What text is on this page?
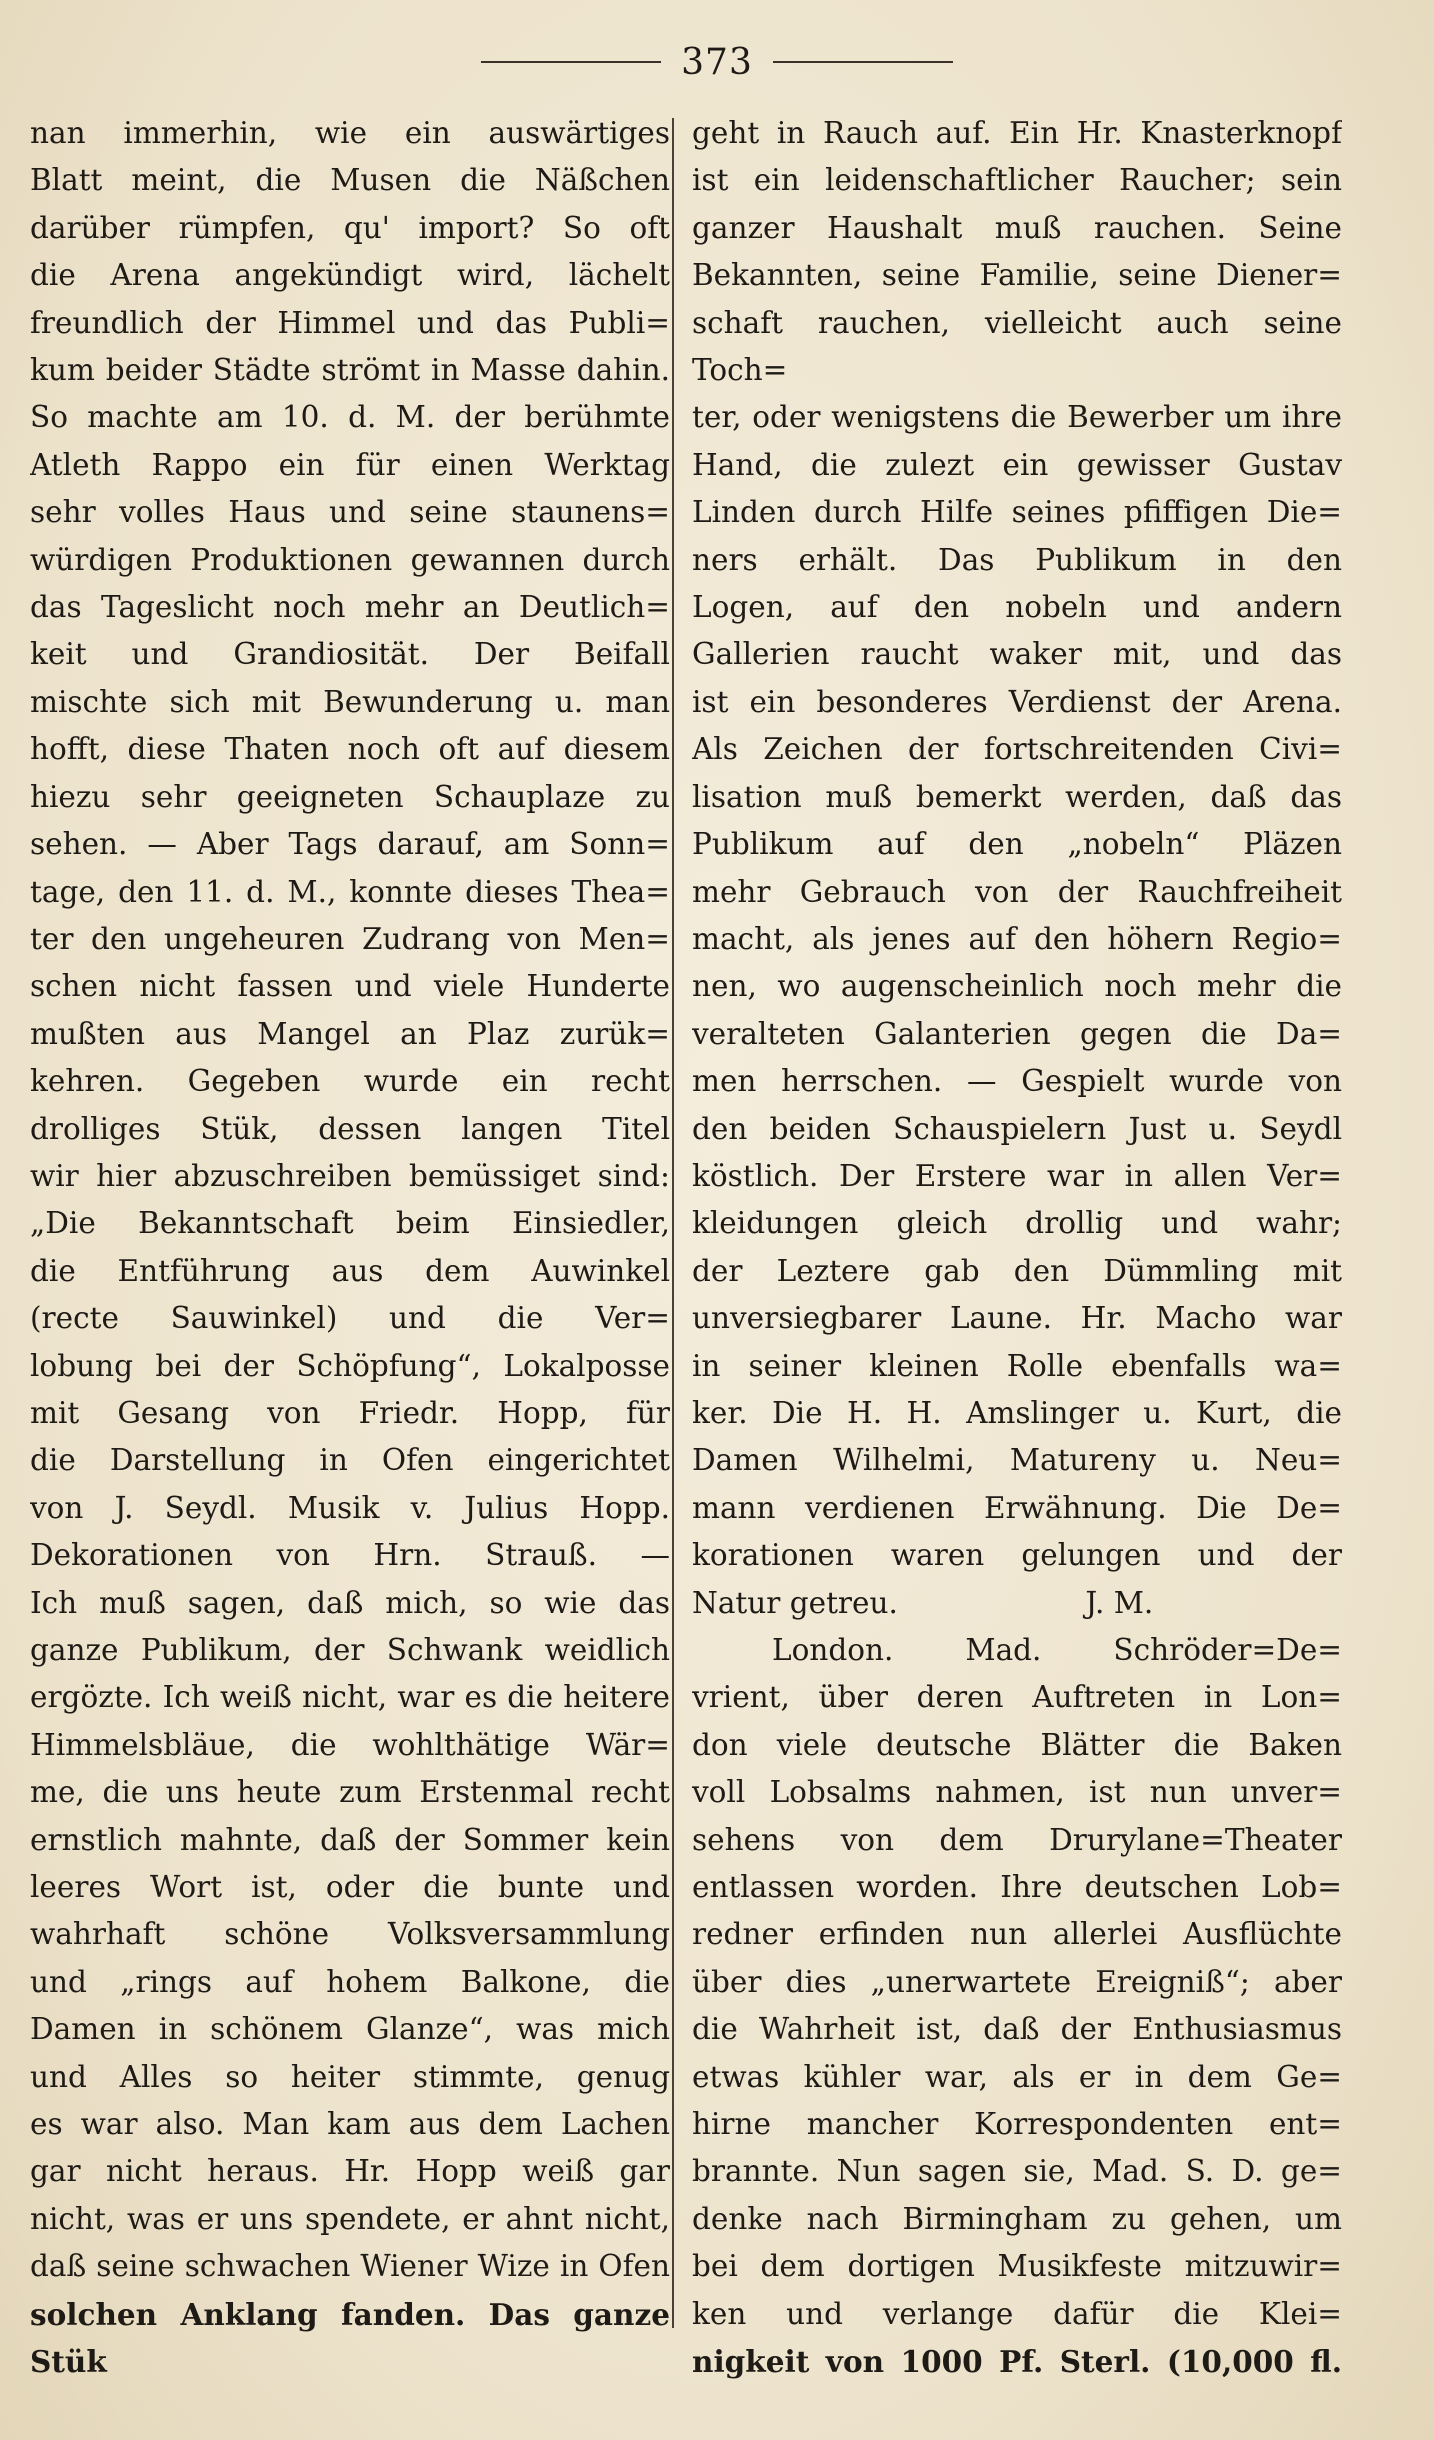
373
nan immerhin, wie ein auswärtiges
Blatt meint, die Musen die Näßchen
darüber rümpfen, qu' import? So oft
die Arena angekündigt wird, lächelt
freundlich der Himmel und das Publi=
kum beider Städte strömt in Masse dahin.
So machte am 10. d. M. der berühmte
Atleth Rappo ein für einen Werktag
sehr volles Haus und seine staunens=
würdigen Produktionen gewannen durch
das Tageslicht noch mehr an Deutlich=
keit und Grandiosität. Der Beifall
mischte sich mit Bewunderung u. man
hofft, diese Thaten noch oft auf diesem
hiezu sehr geeigneten Schauplaze zu
sehen. — Aber Tags darauf, am Sonn=
tage, den 11. d. M., konnte dieses Thea=
ter den ungeheuren Zudrang von Men=
schen nicht fassen und viele Hunderte
mußten aus Mangel an Plaz zurük=
kehren. Gegeben wurde ein recht
drolliges Stük, dessen langen Titel
wir hier abzuschreiben bemüssiget sind:
„Die Bekanntschaft beim Einsiedler,
die Entführung aus dem Auwinkel
(recte Sauwinkel) und die Ver=
lobung bei der Schöpfung“, Lokalposse
mit Gesang von Friedr. Hopp, für
die Darstellung in Ofen eingerichtet
von J. Seydl. Musik v. Julius Hopp.
Dekorationen von Hrn. Strauß. —
Ich muß sagen, daß mich, so wie das
ganze Publikum, der Schwank weidlich
ergözte. Ich weiß nicht, war es die heitere
Himmelsbläue, die wohlthätige Wär=
me, die uns heute zum Erstenmal recht
ernstlich mahnte, daß der Sommer kein
leeres Wort ist, oder die bunte und
wahrhaft schöne Volksversammlung
und „rings auf hohem Balkone, die
Damen in schönem Glanze“, was mich
und Alles so heiter stimmte, genug
es war also. Man kam aus dem Lachen
gar nicht heraus. Hr. Hopp weiß gar
nicht, was er uns spendete, er ahnt nicht,
daß seine schwachen Wiener Wize in Ofen
solchen Anklang fanden. Das ganze Stük
geht in Rauch auf. Ein Hr. Knasterknopf
ist ein leidenschaftlicher Raucher; sein
ganzer Haushalt muß rauchen. Seine
Bekannten, seine Familie, seine Diener=
schaft rauchen, vielleicht auch seine Toch=
ter, oder wenigstens die Bewerber um ihre
Hand, die zulezt ein gewisser Gustav
Linden durch Hilfe seines pfiffigen Die=
ners erhält. Das Publikum in den
Logen, auf den nobeln und andern
Gallerien raucht waker mit, und das
ist ein besonderes Verdienst der Arena.
Als Zeichen der fortschreitenden Civi=
lisation muß bemerkt werden, daß das
Publikum auf den „nobeln“ Pläzen
mehr Gebrauch von der Rauchfreiheit
macht, als jenes auf den höhern Regio=
nen, wo augenscheinlich noch mehr die
veralteten Galanterien gegen die Da=
men herrschen. — Gespielt wurde von
den beiden Schauspielern Just u. Seydl
köstlich. Der Erstere war in allen Ver=
kleidungen gleich drollig und wahr;
der Leztere gab den Dümmling mit
unversiegbarer Laune. Hr. Macho war
in seiner kleinen Rolle ebenfalls wa=
ker. Die H. H. Amslinger u. Kurt, die
Damen Wilhelmi, Matureny u. Neu=
mann verdienen Erwähnung. Die De=
korationen waren gelungen und der
Natur getreu.                    J. M.
London. Mad. Schröder=De=
vrient, über deren Auftreten in Lon=
don viele deutsche Blätter die Baken
voll Lobsalms nahmen, ist nun unver=
sehens von dem Drurylane=Theater
entlassen worden. Ihre deutschen Lob=
redner erfinden nun allerlei Ausflüchte
über dies „unerwartete Ereigniß“; aber
die Wahrheit ist, daß der Enthusiasmus
etwas kühler war, als er in dem Ge=
hirne mancher Korrespondenten ent=
brannte. Nun sagen sie, Mad. S. D. ge=
denke nach Birmingham zu gehen, um
bei dem dortigen Musikfeste mitzuwir=
ken und verlange dafür die Klei=
nigkeit von 1000 Pf. Sterl. (10,000 fl.
